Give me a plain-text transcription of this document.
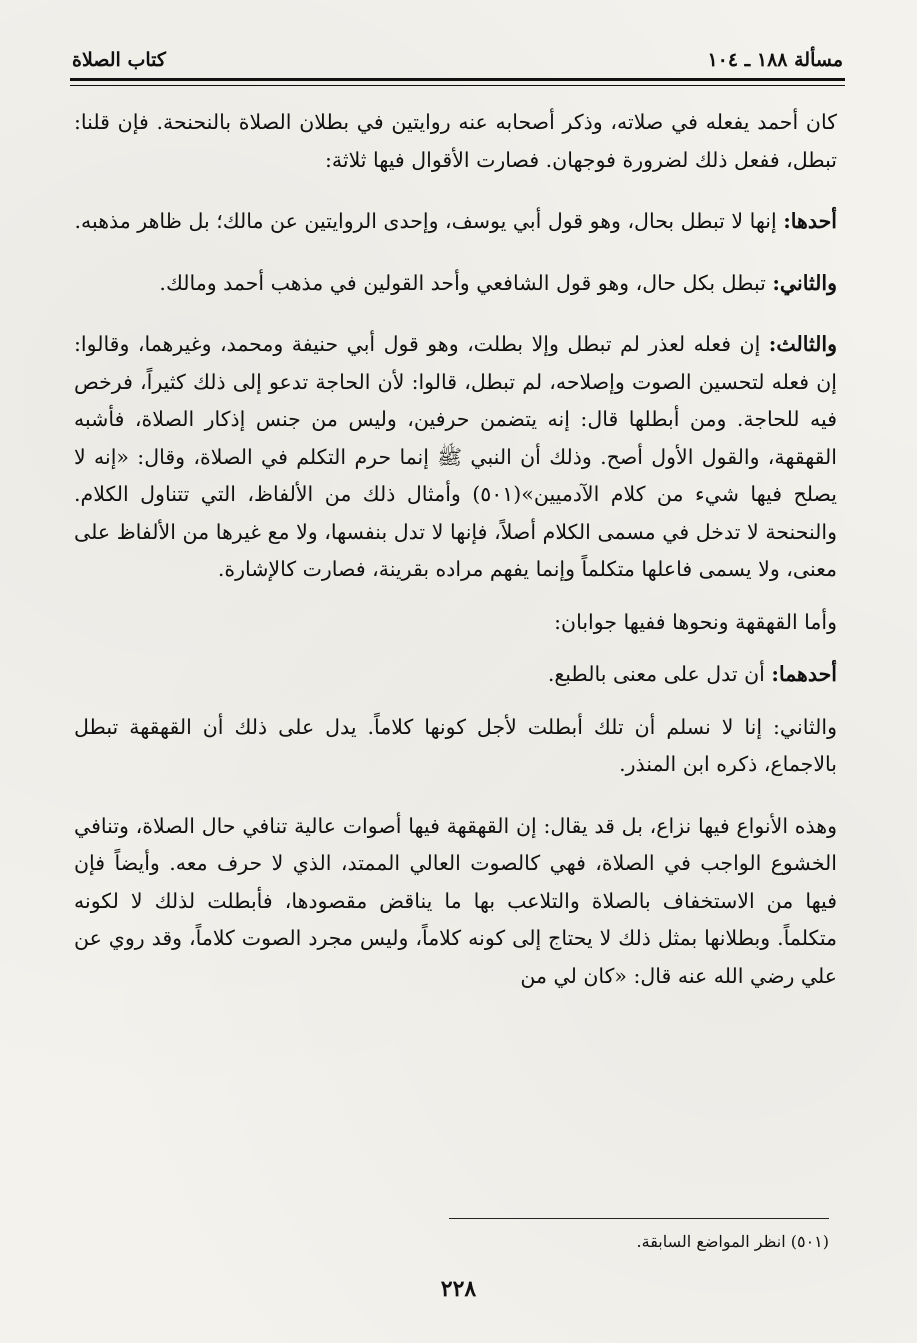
مسألة ١٨٨ ـ ١٠٤
كتاب الصلاة

كان أحمد يفعله في صلاته، وذكر أصحابه عنه روايتين في بطلان الصلاة بالنحنحة. فإن قلنا: تبطل، ففعل ذلك لضرورة فوجهان. فصارت الأقوال فيها ثلاثة:

أحدها: إنها لا تبطل بحال، وهو قول أبي يوسف، وإحدى الروايتين عن مالك؛ بل ظاهر مذهبه.

والثاني: تبطل بكل حال، وهو قول الشافعي وأحد القولين في مذهب أحمد ومالك.

والثالث: إن فعله لعذر لم تبطل وإلا بطلت، وهو قول أبي حنيفة ومحمد، وغيرهما، وقالوا: إن فعله لتحسين الصوت وإصلاحه، لم تبطل، قالوا: لأن الحاجة تدعو إلى ذلك كثيراً، فرخص فيه للحاجة. ومن أبطلها قال: إنه يتضمن حرفين، وليس من جنس إذكار الصلاة، فأشبه القهقهة، والقول الأول أصح. وذلك أن النبي ﷺ إنما حرم التكلم في الصلاة، وقال: «إنه لا يصلح فيها شيء من كلام الآدميين»(٥٠١) وأمثال ذلك من الألفاظ، التي تتناول الكلام. والنحنحة لا تدخل في مسمى الكلام أصلاً، فإنها لا تدل بنفسها، ولا مع غيرها من الألفاظ على معنى، ولا يسمى فاعلها متكلماً وإنما يفهم مراده بقرينة، فصارت كالإشارة.

وأما القهقهة ونحوها ففيها جوابان:

أحدهما: أن تدل على معنى بالطبع.

والثاني: إنا لا نسلم أن تلك أبطلت لأجل كونها كلاماً. يدل على ذلك أن القهقهة تبطل بالاجماع، ذكره ابن المنذر.

وهذه الأنواع فيها نزاع، بل قد يقال: إن القهقهة فيها أصوات عالية تنافي حال الصلاة، وتنافي الخشوع الواجب في الصلاة، فهي كالصوت العالي الممتد، الذي لا حرف معه. وأيضاً فإن فيها من الاستخفاف بالصلاة والتلاعب بها ما يناقض مقصودها، فأبطلت لذلك لا لكونه متكلماً. وبطلانها بمثل ذلك لا يحتاج إلى كونه كلاماً، وليس مجرد الصوت كلاماً، وقد روي عن علي رضي الله عنه قال: «كان لي من

(٥٠١) انظر المواضع السابقة.
٢٢٨
